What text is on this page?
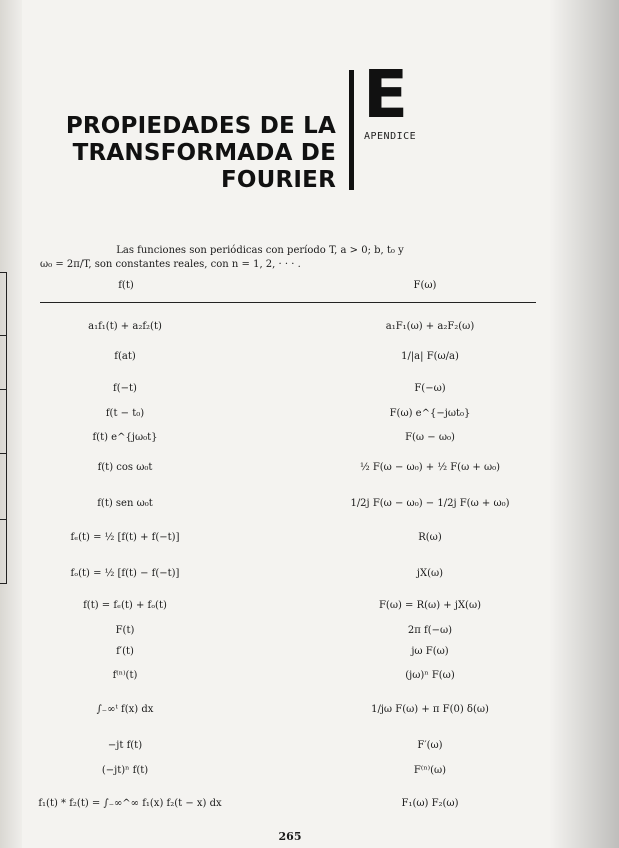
PROPIEDADES DE LA
TRANSFORMADA DE
FOURIER
E
APENDICE
Las funciones son periódicas con período T, a > 0; b, t₀ y
ω₀ = 2π/T, son constantes reales, con n = 1, 2, · · · .
f(t)	F(ω)
a₁f₁(t) + a₂f₂(t)	a₁F₁(ω) + a₂F₂(ω)
f(at)	1/|a| F(ω/a)
f(−t)	F(−ω)
f(t − t₀)	F(ω) e^{−jωt₀}
f(t) e^{jω₀t}	F(ω − ω₀)
f(t) cos ω₀t	½ F(ω − ω₀) + ½ F(ω + ω₀)
f(t) sen ω₀t	1/2j F(ω − ω₀) − 1/2j F(ω + ω₀)
fₑ(t) = ½ [f(t) + f(−t)]	R(ω)
fₒ(t) = ½ [f(t) − f(−t)]	jX(ω)
f(t) = fₑ(t) + fₒ(t)	F(ω) = R(ω) + jX(ω)
F(t)	2π f(−ω)
f′(t)	jω F(ω)
f⁽ⁿ⁾(t)	(jω)ⁿ F(ω)
∫₋∞ᵗ f(x) dx	1/jω F(ω) + π F(0) δ(ω)
−jt f(t)	F′(ω)
(−jt)ⁿ f(t)	F⁽ⁿ⁾(ω)
f₁(t) * f₂(t) = ∫₋∞^∞ f₁(x) f₂(t − x) dx	F₁(ω) F₂(ω)
265
